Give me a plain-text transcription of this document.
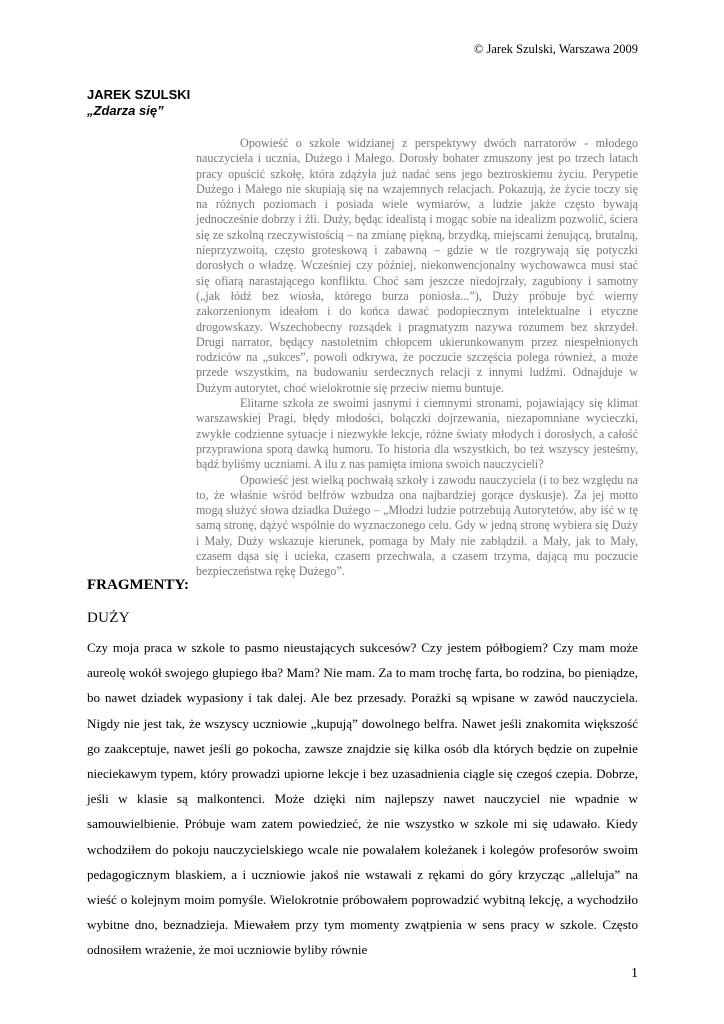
© Jarek Szulski, Warszawa 2009
JAREK SZULSKI
„Zdarza się”

Opowieść o szkole widzianej z perspektywy dwóch narratorów - młodego nauczyciela i ucznia, Dużego i Małego. Dorosły bohater zmuszony jest po trzech latach pracy opuścić szkołę, która zdążyła już nadać sens jego beztroskiemu życiu. Perypetie Dużego i Małego nie skupiają się na wzajemnych relacjach. Pokazują, że życie toczy się na różnych poziomach i posiada wiele wymiarów, a ludzie jakże często bywają jednocześnie dobrzy i źli. Duży, będąc idealistą i mogąc sobie na idealizm pozwolić, ściera się ze szkolną rzeczywistością – na zmianę piękną, brzydką, miejscami żenującą, brutalną, nieprzyzwoitą, często groteskową i zabawną – gdzie w tle rozgrywają się potyczki dorosłych o władzę. Wcześniej czy później, niekonwencjonalny wychowawca musi stać się ofiarą narastającego konfliktu. Choć sam jeszcze niedojrzały, zagubiony i samotny („jak łódź bez wiosła, którego burza poniosła...”), Duży próbuje być wierny zakorzenionym ideałom i do końca dawać podopiecznym intelektualne i etyczne drogowskazy. Wszechobecny rozsądek i pragmatyzm nazywa rozumem bez skrzydeł. Drugi narrator, będący nastoletnim chłopcem ukierunkowanym przez niespełnionych rodziców na „sukces”, powoli odkrywa, że poczucie szczęścia polega również, a może przede wszystkim, na budowaniu serdecznych relacji z innymi ludźmi. Odnajduje w Dużym autorytet, choć wielokrotnie się przeciw niemu buntuje.

Elitarne szkoła ze swoimi jasnymi i ciemnymi stronami, pojawiający się klimat warszawskiej Pragi, błędy młodości, bolączki dojrzewania, niezapomniane wycieczki, zwykłe codzienne sytuacje i niezwykłe lekcje, różne światy młodych i dorosłych, a całość przyprawiona sporą dawką humoru. To historia dla wszystkich, bo też wszyscy jesteśmy, bądź byliśmy uczniami. A ilu z nas pamięta imiona swoich nauczycieli?

Opowieść jest wielką pochwałą szkoły i zawodu nauczyciela (i to bez względu na to, że właśnie wśród belfrów wzbudza ona najbardziej gorące dyskusje). Za jej motto mogą służyć słowa dziadka Dużego – „Młodzi ludzie potrzebują Autorytetów, aby iść w tę samą stronę, dążyć wspólnie do wyznaczonego celu. Gdy w jedną stronę wybiera się Duży i Mały, Duży wskazuje kierunek, pomaga by Mały nie zabłądził. a Mały, jak to Mały, czasem dąsa się i ucieka, czasem przechwala, a czasem trzyma, dającą mu poczucie bezpieczeństwa rękę Dużego”.

FRAGMENTY:
DUŻY

Czy moja praca w szkole to pasmo nieustających sukcesów? Czy jestem półbogiem? Czy mam może aureolę wokół swojego głupiego łba? Mam? Nie mam. Za to mam trochę farta, bo rodzina, bo pieniądze, bo nawet dziadek wypasiony i tak dalej. Ale bez przesady. Porażki są wpisane w zawód nauczyciela. Nigdy nie jest tak, że wszyscy uczniowie „kupują” dowolnego belfra. Nawet jeśli znakomita większość go zaakceptuje, nawet jeśli go pokocha, zawsze znajdzie się kilka osób dla których będzie on zupełnie nieciekawym typem, który prowadzi upiorne lekcje i bez uzasadnienia ciągle się czegoś czepia. Dobrze, jeśli w klasie są malkontenci. Może dzięki nim najlepszy nawet nauczyciel nie wpadnie w samouwielbienie. Próbuje wam zatem powiedzieć, że nie wszystko w szkole mi się udawało. Kiedy wchodziłem do pokoju nauczycielskiego wcale nie powalałem koleżanek i kolegów profesorów swoim pedagogicznym blaskiem, a i uczniowie jakoś nie wstawali z rękami do góry krzycząc „alleluja” na wieść o kolejnym moim pomyśle. Wielokrotnie próbowałem poprowadzić wybitną lekcję, a wychodziło wybitne dno, beznadzieja. Miewałem przy tym momenty zwątpienia w sens pracy w szkole. Często odnosiłem wrażenie, że moi uczniowie byliby równie

1
